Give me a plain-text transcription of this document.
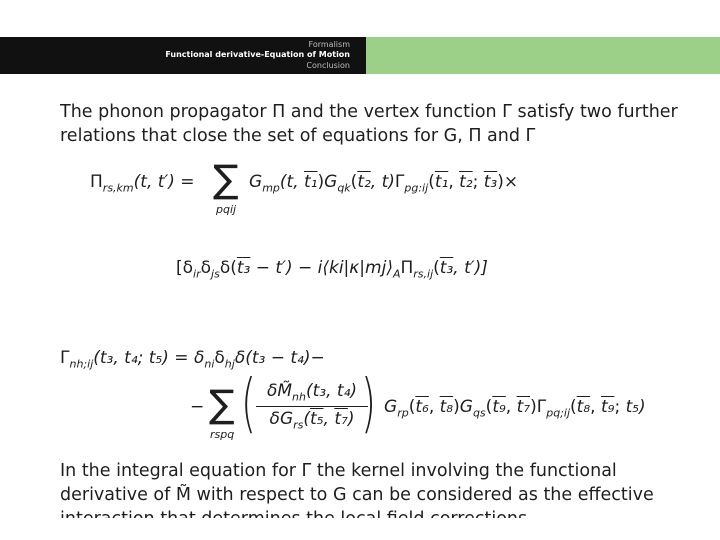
Formalism
Functional derivative-Equation of Motion
Conclusion
The phonon propagator Π and the vertex function Γ satisfy two further
relations that close the set of equations for G, Π and Γ
$\Pi_{rs,km}(t$, t′) = ∑
pqij
$G_{mp}(t$, $t_1)G_{qk}(t_2$, $t)\Gamma_{pg:ij}(t_1$, t₂; t₃)×
[$\delta_{ir}\delta_{js}\delta(t_3 - t')$ − $i⟨ki|\kappa|mj⟩_A\Pi_{rs,ij}(t_3$, t′)]
$\Gamma_{nh;ij}(t_3$, t₄; $t_5) = \delta_{ni}\delta_{hj}\delta(t_3 - t_4)-$
− ∑
rspq ( $\delta M̃_{nh}(t_3$, t₄)
$\delta G_{rs}(t_5$, t₇) ) $G_{rp}(t_6$, $t_8)G_{qs}(t_9$, $t_7)\Gamma_{pq;ij}(t_8$, t₉; t₅)
In the integral equation for Γ the kernel involving the functional
derivative of M̃ with respect to G can be considered as the effective
